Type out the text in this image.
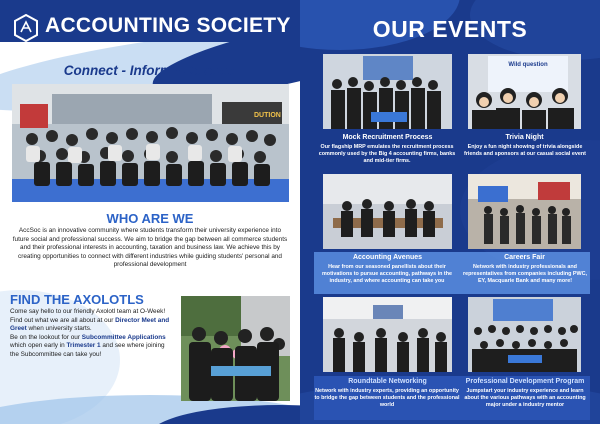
ACCOUNTING SOCIETY
Connect - Inform - Develop
DUTION
WHO ARE WE
AccSoc is an innovative community where students transform their university experience into future social and professional success. We aim to bridge the gap between all commerce students and their professional interests in accounting, taxation and business law. We achieve this by creating opportunities to connect with different industries while guiding students' personal and professional development
FIND THE AXOLOTLS
Come say hello to our friendly Axolotl team at O-Week! Find out what we are all about at our Director Meet and Greet when university starts.
Be on the lookout for our Subcommittee Applications which open early in Trimester 1 and see where joining the Subcommittee can take you!
OUR EVENTS
Wild question
Mock Recruitment Process
Our flagship MRP emulates the recruitment process commonly used by the Big 4 accounting firms, banks and mid-tier firms.
Trivia Night
Enjoy a fun night showing of trivia alongside friends and sponsors at our casual social event
Accounting Avenues
Hear from our seasoned panellists about their motivations to pursue accounting, pathways in the industry, and where accounting can take you
Careers Fair
Network with industry professionals and representatives from companies including PWC, EY, Macquarie Bank and many more!
Roundtable Networking
Network with industry experts, providing an opportunity to bridge the gap between students and the professional world
Professional Development Program
Jumpstart your industry experience and learn about the various pathways with an accounting major under a industry mentor
